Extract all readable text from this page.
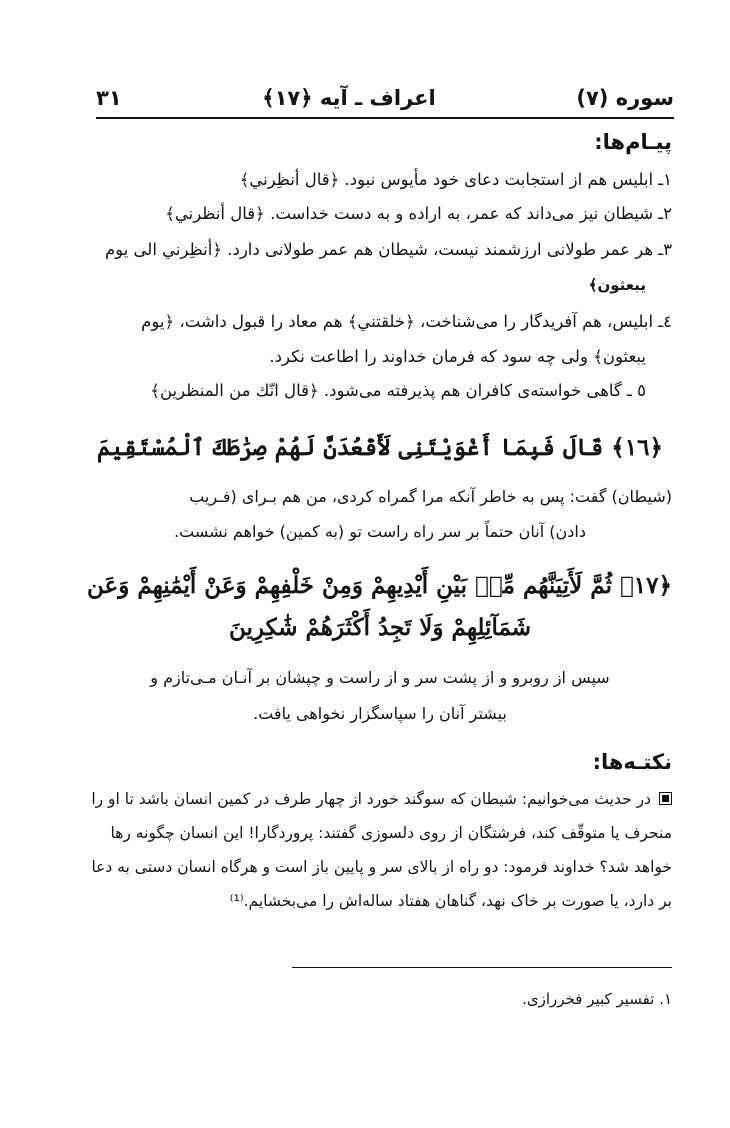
سوره (۷)
اعراف ـ آیه ﴿۱۷﴾
۳۱
پیـام‌ها:
۱ـ ابلیس هم از استجابت دعای خود مأیوس نبود. ﴿قال أنظِرني﴾
۲ـ شیطان نیز می‌داند که عمر، به اراده و به دست خداست. ﴿قال أنظرني﴾
۳ـ هر عمر طولانی ارزشمند نیست، شیطان هم عمر طولانی دارد. ﴿أنظِرني الی یوم
یبعثون﴾
٤ـ ابلیس، هم آفریدگار را می‌شناخت، ﴿خلقتني﴾ هم معاد را قبول داشت، ﴿یوم
یبعثون﴾ ولی چه سود که فرمان خداوند را اطاعت نکرد.
٥ ـ گاهی خواسته‌ی کافران هم پذیرفته می‌شود. ﴿قال انّك من المنظرین﴾
﴿۱٦﴾ قَالَ فَبِمَا أَغْوَيْتَنِى لَأَقْعُدَنَّ لَهُمْ صِرَٰطَكَ ٱلْمُسْتَقِيمَ
(شیطان) گفت: پس به خاطر آنکه مرا گمراه کردی، من هم بـرای (فـریب
دادن) آنان حتماً بر سر راه راست تو (به کمین) خواهم نشست.
﴿۱۷﴾ ثُمَّ لَأَتِيَنَّهُم مِّنۢ بَيْنِ أَيْدِيهِمْ وَمِنْ خَلْفِهِمْ وَعَنْ أَيْمَٰنِهِمْ وَعَن
شَمَآئِلِهِمْ وَلَا تَجِدُ أَكْثَرَهُمْ شَٰكِرِينَ
سپس از روبرو و از پشت سر و از راست و چپشان بر آنـان مـی‌تازم و
بیشتر آنان را سپاسگزار نخواهی یافت.
نکتـه‌ها:
در حدیث می‌خوانیم: شیطان که سوگند خورد از چهار طرف در کمین انسان باشد تا او را
منحرف یا متوقّف کند، فرشتگان از روی دلسوزی گفتند: پروردگارا! این انسان چگونه رها
خواهد شد؟ خداوند فرمود: دو راه از بالای سر و پایین باز است و هرگاه انسان دستی به دعا
بر دارد، یا صورت بر خاک نهد، گناهان هفتاد ساله‌اش را می‌بخشایم.⁽¹⁾
۱. تفسیر کبیر فخررازی.
